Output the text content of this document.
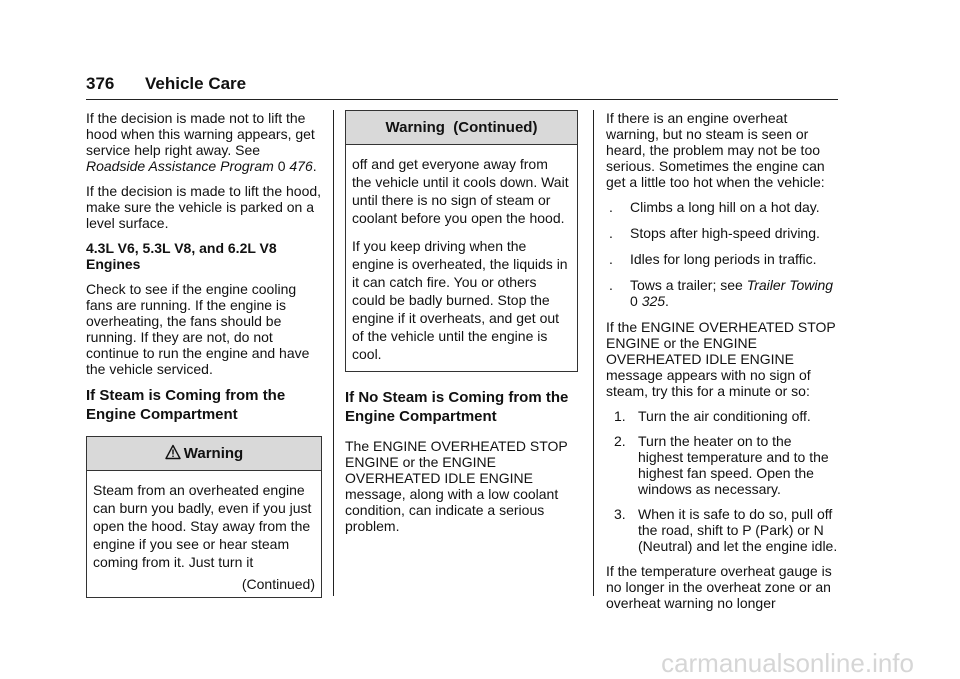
376 Vehicle Care

If the decision is made not to lift the hood when this warning appears, get service help right away. See Roadside Assistance Program 0 476.

If the decision is made to lift the hood, make sure the vehicle is parked on a level surface.

4.3L V6, 5.3L V8, and 6.2L V8 Engines

Check to see if the engine cooling fans are running. If the engine is overheating, the fans should be running. If they are not, do not continue to run the engine and have the vehicle serviced.

If Steam is Coming from the Engine Compartment
Warning
Steam from an overheated engine can burn you badly, even if you just open the hood. Stay away from the engine if you see or hear steam coming from it. Just turn it
(Continued)
Warning  (Continued)

off and get everyone away from the vehicle until it cools down. Wait until there is no sign of steam or coolant before you open the hood.

If you keep driving when the engine is overheated, the liquids in it can catch fire. You or others could be badly burned. Stop the engine if it overheats, and get out of the vehicle until the engine is cool.

If No Steam is Coming from the Engine Compartment

The ENGINE OVERHEATED STOP ENGINE or the ENGINE OVERHEATED IDLE ENGINE message, along with a low coolant condition, can indicate a serious problem.

If there is an engine overheat warning, but no steam is seen or heard, the problem may not be too serious. Sometimes the engine can get a little too hot when the vehicle:

. Climbs a long hill on a hot day.
. Stops after high-speed driving.
. Idles for long periods in traffic.
. Tows a trailer; see Trailer Towing 0 325.

If the ENGINE OVERHEATED STOP ENGINE or the ENGINE OVERHEATED IDLE ENGINE message appears with no sign of steam, try this for a minute or so:

1. Turn the air conditioning off.
2. Turn the heater on to the highest temperature and to the highest fan speed. Open the windows as necessary.
3. When it is safe to do so, pull off the road, shift to P (Park) or N (Neutral) and let the engine idle.

If the temperature overheat gauge is no longer in the overheat zone or an overheat warning no longer

carmanualsonline.info
